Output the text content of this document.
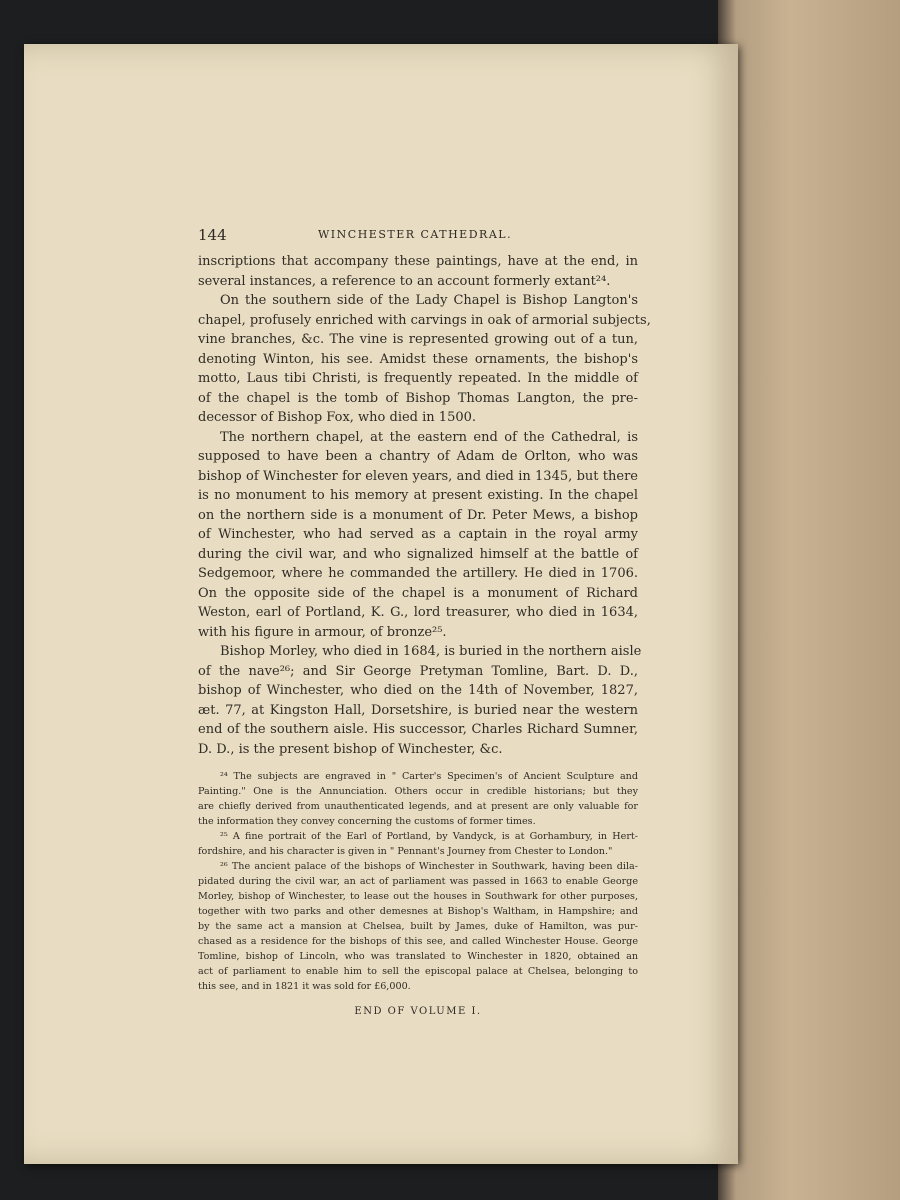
144	WINCHESTER CATHEDRAL.
inscriptions that accompany these paintings, have at the end, in
several instances, a reference to an account formerly extant²⁴.
On the southern side of the Lady Chapel is Bishop Langton's
chapel, profusely enriched with carvings in oak of armorial subjects,
vine branches, &c. The vine is represented growing out of a tun,
denoting Winton, his see. Amidst these ornaments, the bishop's
motto, Laus tibi Christi, is frequently repeated. In the middle of
of the chapel is the tomb of Bishop Thomas Langton, the pre-
decessor of Bishop Fox, who died in 1500.
The northern chapel, at the eastern end of the Cathedral, is
supposed to have been a chantry of Adam de Orlton, who was
bishop of Winchester for eleven years, and died in 1345, but there
is no monument to his memory at present existing. In the chapel
on the northern side is a monument of Dr. Peter Mews, a bishop
of Winchester, who had served as a captain in the royal army
during the civil war, and who signalized himself at the battle of
Sedgemoor, where he commanded the artillery. He died in 1706.
On the opposite side of the chapel is a monument of Richard
Weston, earl of Portland, K. G., lord treasurer, who died in 1634,
with his figure in armour, of bronze²⁵.
Bishop Morley, who died in 1684, is buried in the northern aisle
of the nave²⁶; and Sir George Pretyman Tomline, Bart. D. D.,
bishop of Winchester, who died on the 14th of November, 1827,
æt. 77, at Kingston Hall, Dorsetshire, is buried near the western
end of the southern aisle. His successor, Charles Richard Sumner,
D. D., is the present bishop of Winchester, &c.
²⁴ The subjects are engraved in " Carter's Specimen's of Ancient Sculpture and
Painting." One is the Annunciation. Others occur in credible historians; but they
are chiefly derived from unauthenticated legends, and at present are only valuable for
the information they convey concerning the customs of former times.
²⁵ A fine portrait of the Earl of Portland, by Vandyck, is at Gorhambury, in Hert-
fordshire, and his character is given in " Pennant's Journey from Chester to London."
²⁶ The ancient palace of the bishops of Winchester in Southwark, having been dila-
pidated during the civil war, an act of parliament was passed in 1663 to enable George
Morley, bishop of Winchester, to lease out the houses in Southwark for other purposes,
together with two parks and other demesnes at Bishop's Waltham, in Hampshire; and
by the same act a mansion at Chelsea, built by James, duke of Hamilton, was pur-
chased as a residence for the bishops of this see, and called Winchester House. George
Tomline, bishop of Lincoln, who was translated to Winchester in 1820, obtained an
act of parliament to enable him to sell the episcopal palace at Chelsea, belonging to
this see, and in 1821 it was sold for £6,000.
END OF VOLUME I.
